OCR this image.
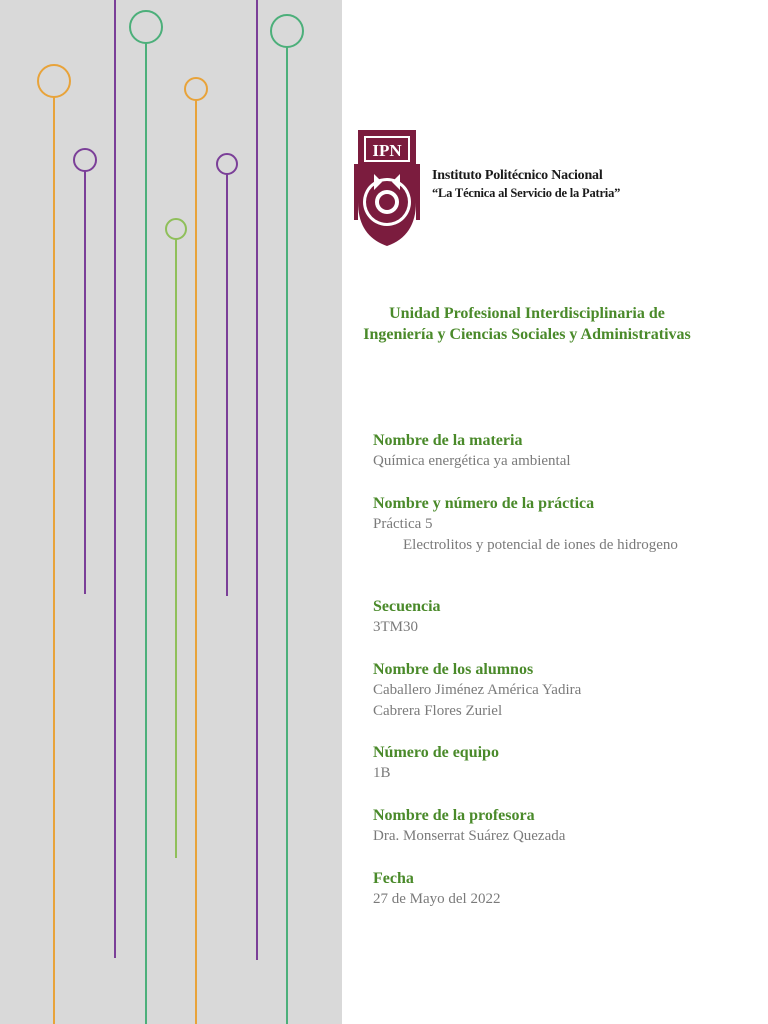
IPN
Instituto Politécnico Nacional
“La Técnica al Servicio de la Patria”
Unidad Profesional Interdisciplinaria de Ingeniería y Ciencias Sociales y Administrativas
Nombre de la materia
Química energética ya ambiental
Nombre y número de la práctica
Práctica 5
Electrolitos y potencial de iones de hidrogeno
Secuencia
3TM30
Nombre de los alumnos
Caballero Jiménez América Yadira
Cabrera Flores Zuriel
Número de equipo
1B
Nombre de la profesora
Dra. Monserrat Suárez Quezada
Fecha
27 de Mayo del 2022
